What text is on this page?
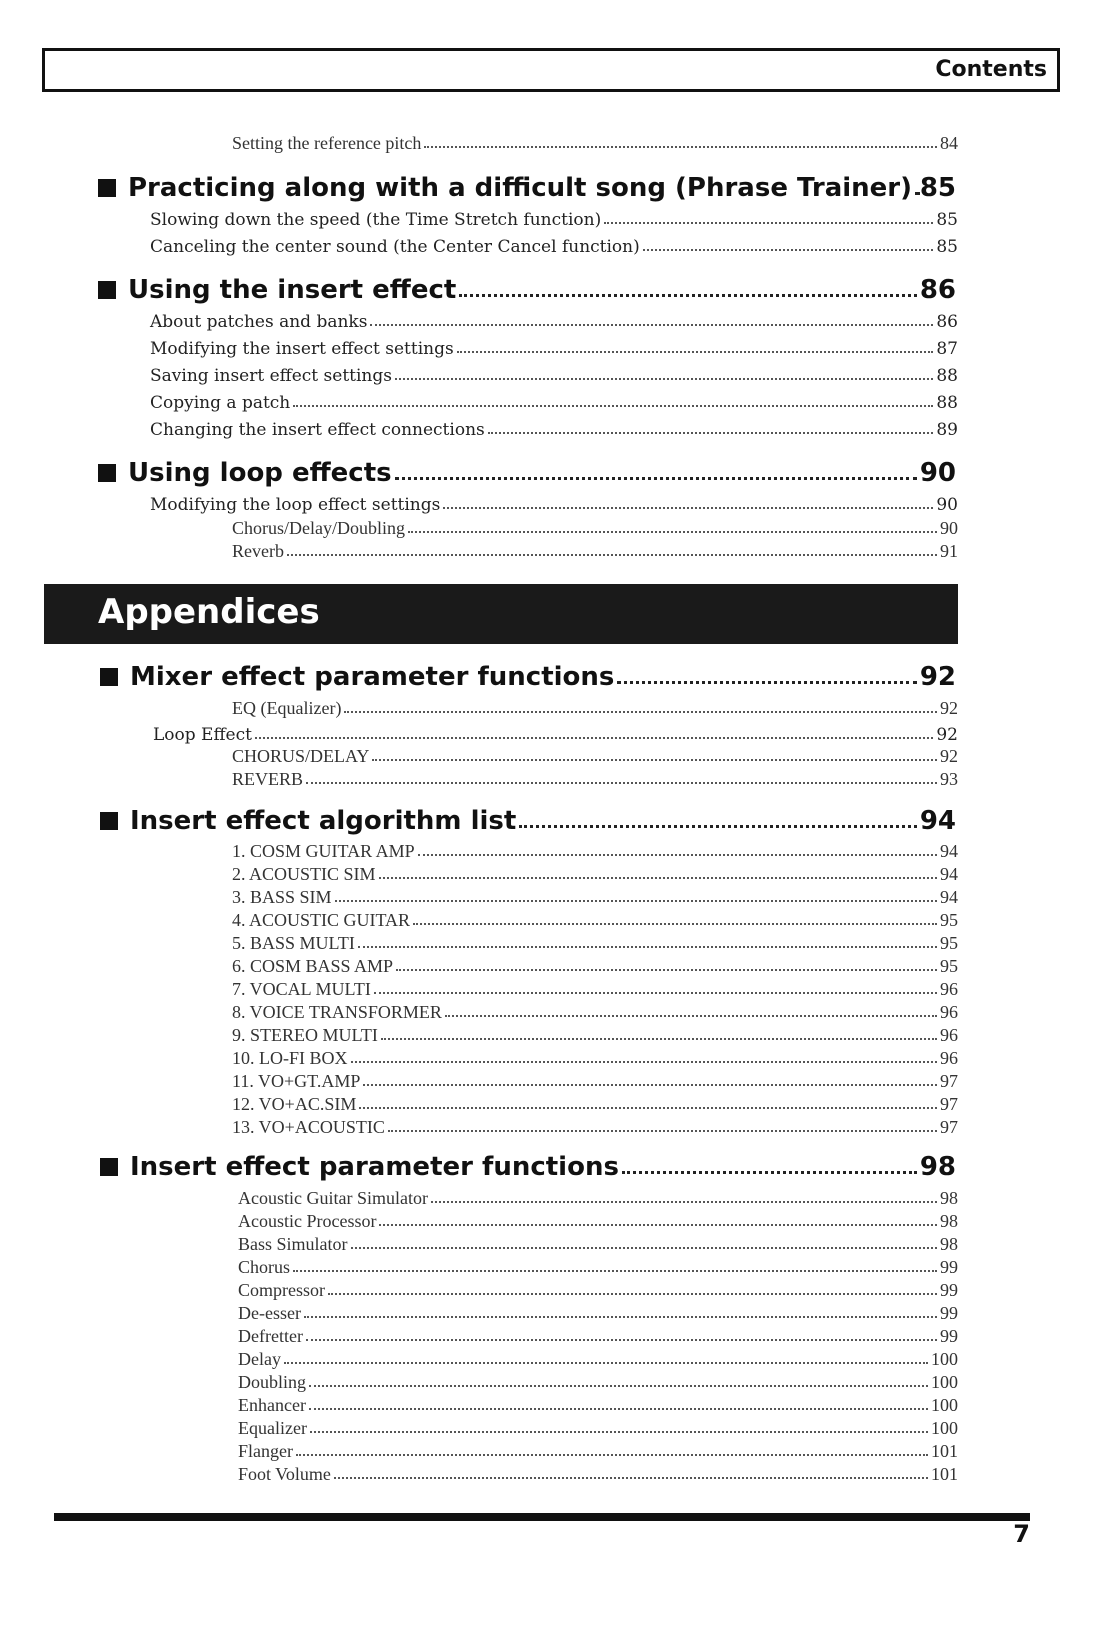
Contents
Setting the reference pitch	84
Practicing along with a difficult song (Phrase Trainer) 85
Slowing down the speed (the Time Stretch function)	85
Canceling the center sound (the Center Cancel function)	85
Using the insert effect	86
About patches and banks	86
Modifying the insert effect settings	87
Saving insert effect settings	88
Copying a patch	88
Changing the insert effect connections	89
Using loop effects	90
Modifying the loop effect settings	90
Chorus/Delay/Doubling	90
Reverb	91
Appendices
Mixer effect parameter functions	92
EQ (Equalizer)	92
Loop Effect	92
CHORUS/DELAY	92
REVERB	93
Insert effect algorithm list	94
1. COSM GUITAR AMP	94
2. ACOUSTIC SIM	94
3. BASS SIM	94
4. ACOUSTIC GUITAR	95
5. BASS MULTI	95
6. COSM BASS AMP	95
7. VOCAL MULTI	96
8. VOICE TRANSFORMER	96
9. STEREO MULTI	96
10. LO-FI BOX	96
11. VO+GT.AMP	97
12. VO+AC.SIM	97
13. VO+ACOUSTIC	97
Insert effect parameter functions	98
Acoustic Guitar Simulator	98
Acoustic Processor	98
Bass Simulator	98
Chorus	99
Compressor	99
De-esser	99
Defretter	99
Delay	100
Doubling	100
Enhancer	100
Equalizer	100
Flanger	101
Foot Volume	101
7
